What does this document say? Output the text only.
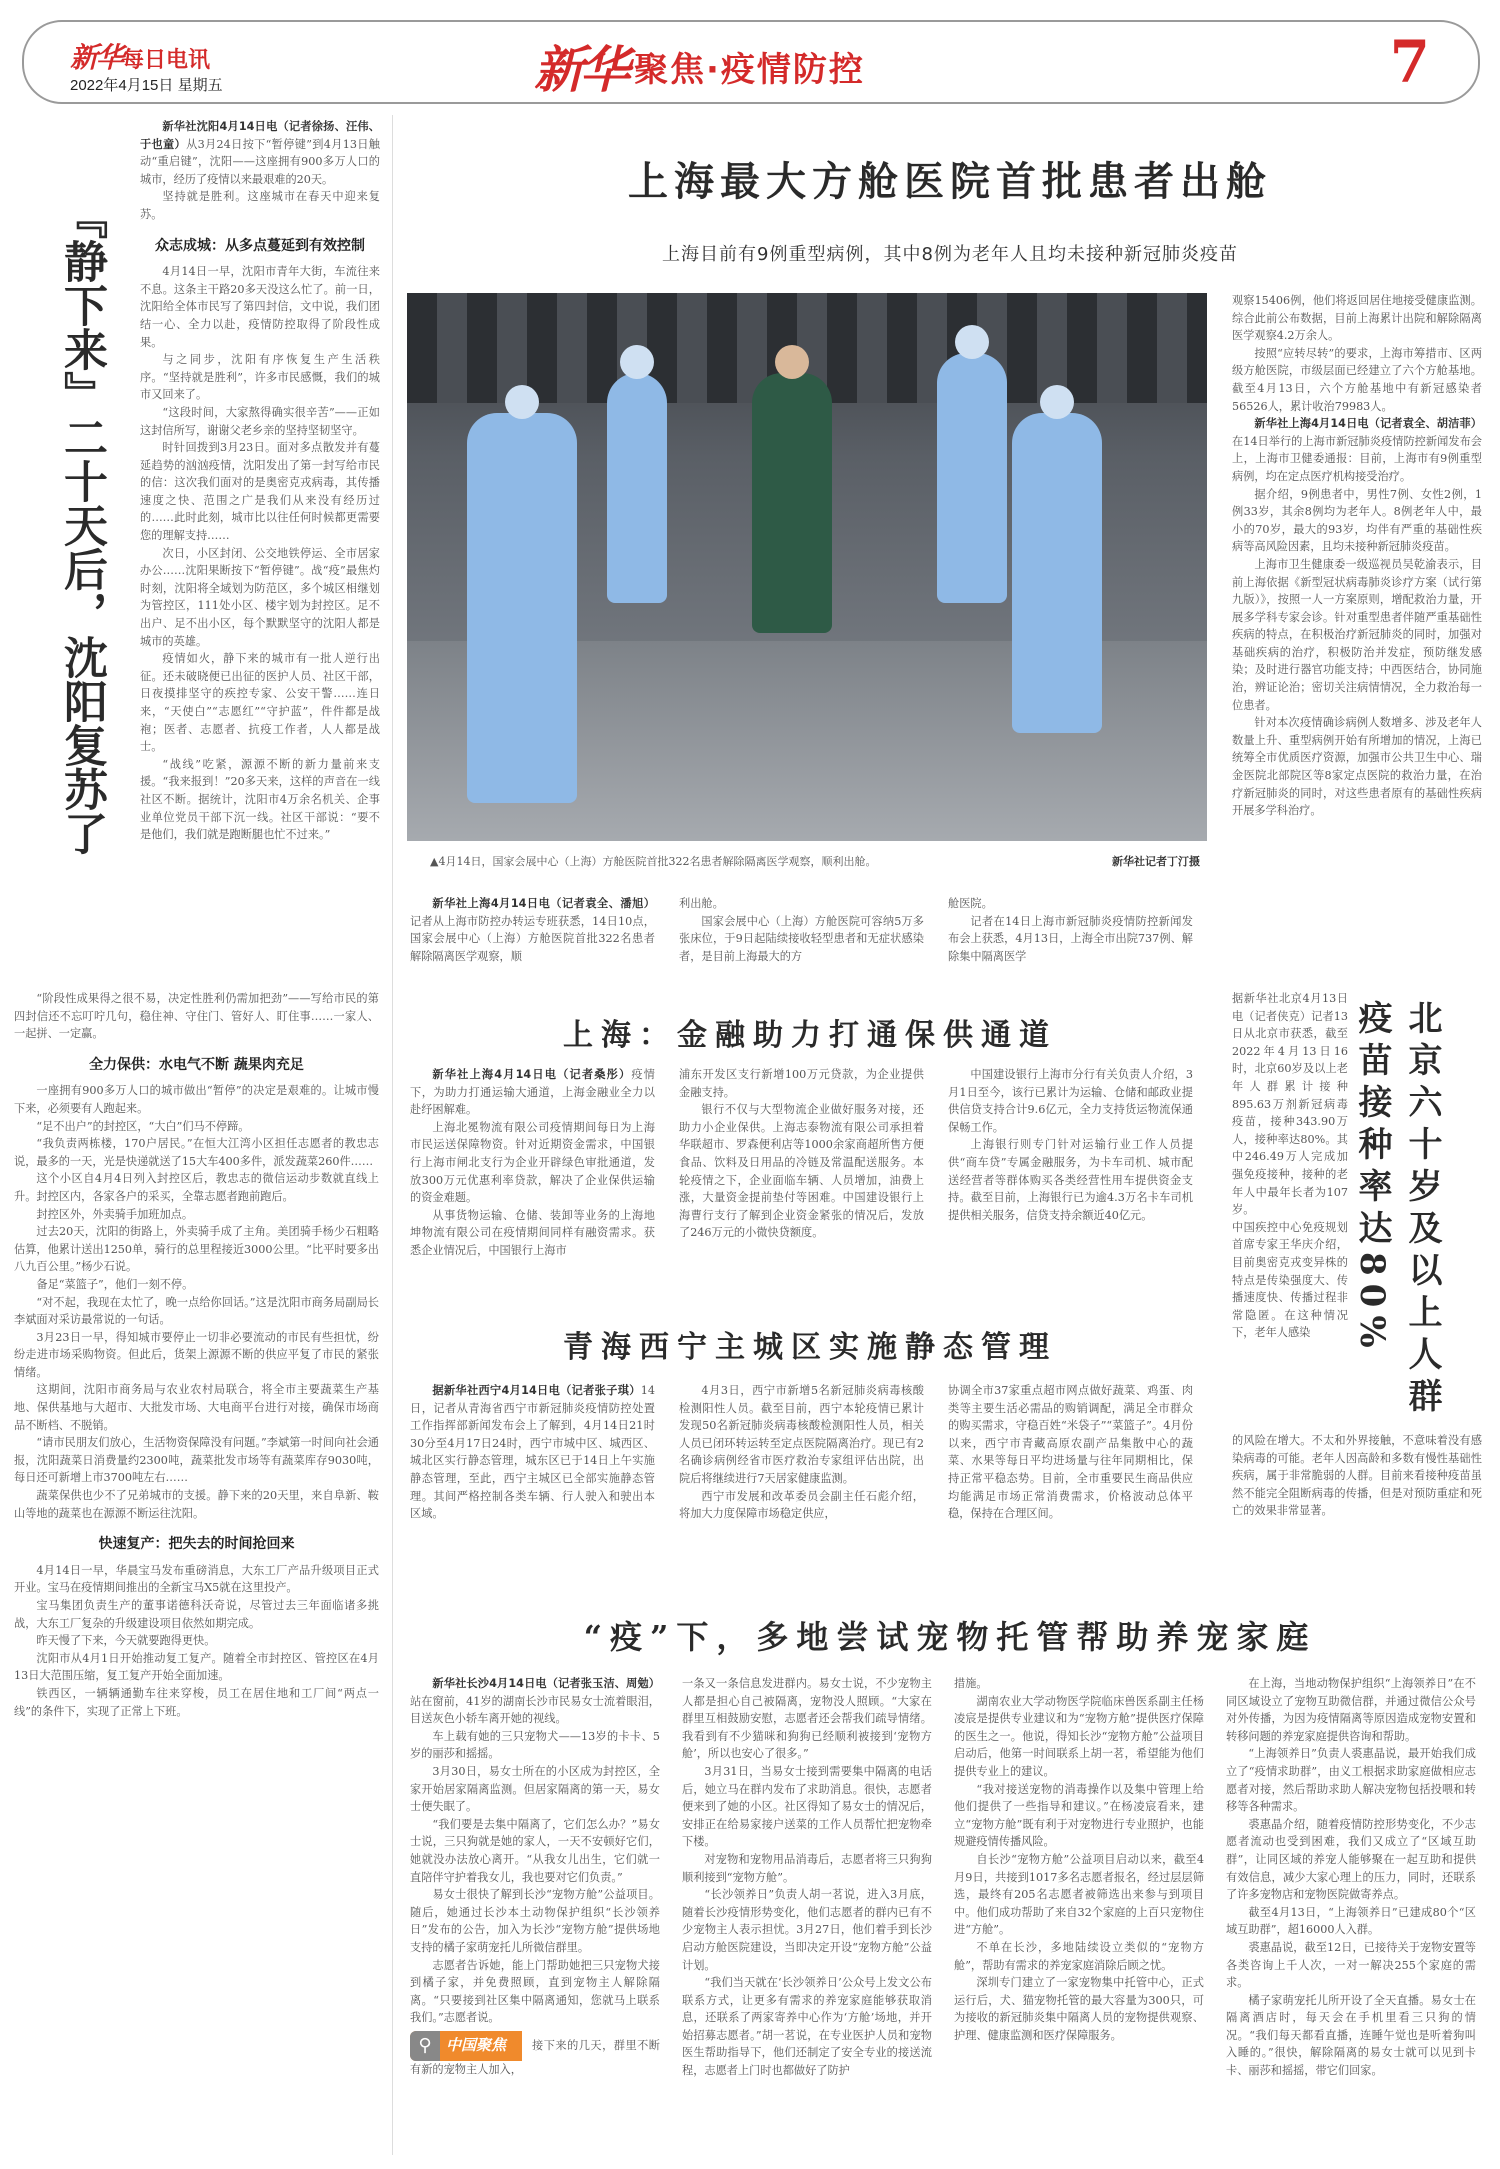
新华每日电讯
2022年4月15日 星期五	新华 聚焦·疫情防控	7
『静下来』二十天后，沈阳复苏了

新华社沈阳4月14日电（记者徐扬、汪伟、于也童）从3月24日按下“暂停键”到4月13日触动“重启键”，沈阳——这座拥有900多万人口的城市，经历了疫情以来最艰难的20天。

坚持就是胜利。这座城市在春天中迎来复苏。

众志成城：从多点蔓延到有效控制

4月14日一早，沈阳市青年大街，车流往来不息。这条主干路20多天没这么忙了。前一日，沈阳给全体市民写了第四封信，文中说，我们团结一心、全力以赴，疫情防控取得了阶段性成果。

与之同步，沈阳有序恢复生产生活秩序。“坚持就是胜利”，许多市民感慨，我们的城市又回来了。

“这段时间，大家熬得确实很辛苦”——正如这封信所写，谢谢父老乡亲的坚持坚韧坚守。

时针回拨到3月23日。面对多点散发并有蔓延趋势的汹汹疫情，沈阳发出了第一封写给市民的信：这次我们面对的是奥密克戎病毒，其传播速度之快、范围之广是我们从来没有经历过的……此时此刻，城市比以往任何时候都更需要您的理解支持……

次日，小区封闭、公交地铁停运、全市居家办公……沈阳果断按下“暂停键”。战“疫”最焦灼时刻，沈阳将全域划为防范区，多个城区相继划为管控区，111处小区、楼宇划为封控区。足不出户、足不出小区，每个默默坚守的沈阳人都是城市的英雄。

疫情如火，静下来的城市有一批人逆行出征。还未破晓便已出征的医护人员、社区干部，日夜摸排坚守的疾控专家、公安干警……连日来，“天使白”“志愿红”“守护蓝”，件件都是战袍；医者、志愿者、抗疫工作者，人人都是战士。

“战线”吃紧，源源不断的新力量前来支援。“我来报到！”20多天来，这样的声音在一线社区不断。据统计，沈阳市4万余名机关、企事业单位党员干部下沉一线。社区干部说：“要不是他们，我们就是跑断腿也忙不过来。”

“阶段性成果得之很不易，决定性胜利仍需加把劲”——写给市民的第四封信还不忘叮咛几句，稳住神、守住门、管好人、盯住事……一家人、一起拼、一定赢。

全力保供：水电气不断 蔬果肉充足

一座拥有900多万人口的城市做出“暂停”的决定是艰难的。让城市慢下来，必须要有人跑起来。

“足不出户”的封控区，“大白”们马不停蹄。

“我负责两栋楼，170户居民。”在恒大江湾小区担任志愿者的教忠志说，最多的一天，光是快递就送了15大车400多件，派发蔬菜260件……

这个小区自4月4日列入封控区后，教忠志的微信运动步数就直线上升。封控区内，各家各户的采买，全靠志愿者跑前跑后。

封控区外，外卖骑手加班加点。

过去20天，沈阳的街路上，外卖骑手成了主角。美团骑手杨少石粗略估算，他累计送出1250单，骑行的总里程接近3000公里。“比平时要多出八九百公里。”杨少石说。

备足“菜篮子”，他们一刻不停。

“对不起，我现在太忙了，晚一点给你回话。”这是沈阳市商务局副局长李斌面对采访最常说的一句话。

3月23日一早，得知城市要停止一切非必要流动的市民有些担忧，纷纷走进市场采购物资。但此后，货架上源源不断的供应平复了市民的紧张情绪。

这期间，沈阳市商务局与农业农村局联合，将全市主要蔬菜生产基地、保供基地与大超市、大批发市场、大电商平台进行对接，确保市场商品不断档、不脱销。

“请市民朋友们放心，生活物资保障没有问题。”李斌第一时间向社会通报，沈阳蔬菜日消费量约2300吨，蔬菜批发市场等有蔬菜库存9030吨，每日还可新增上市3700吨左右……

蔬菜保供也少不了兄弟城市的支援。静下来的20天里，来自阜新、鞍山等地的蔬菜也在源源不断运往沈阳。

快速复产：把失去的时间抢回来

4月14日一早，华晨宝马发布重磅消息，大东工厂产品升级项目正式开业。宝马在疫情期间推出的全新宝马X5就在这里投产。

宝马集团负责生产的董事诺德科沃奇说，尽管过去三年面临诸多挑战，大东工厂复杂的升级建设项目依然如期完成。

昨天慢了下来，今天就要跑得更快。

沈阳市从4月1日开始推动复工复产。随着全市封控区、管控区在4月13日大范围压缩，复工复产开始全面加速。

铁西区，一辆辆通勤车往来穿梭，员工在居住地和工厂间“两点一线”的条件下，实现了正常上下班。

上海最大方舱医院首批患者出舱
上海目前有9例重型病例，其中8例为老年人且均未接种新冠肺炎疫苗
▲4月14日，国家会展中心（上海）方舱医院首批322名患者解除隔离医学观察，顺利出舱。	新华社记者丁汀摄

新华社上海4月14日电（记者袁全、潘旭）记者从上海市防控办转运专班获悉，14日10点，国家会展中心（上海）方舱医院首批322名患者解除隔离医学观察，顺

利出舱。

国家会展中心（上海）方舱医院可容纳5万多张床位，于9日起陆续接收轻型患者和无症状感染者，是目前上海最大的方

舱医院。

记者在14日上海市新冠肺炎疫情防控新闻发布会上获悉，4月13日，上海全市出院737例、解除集中隔离医学

观察15406例，他们将返回居住地接受健康监测。综合此前公布数据，目前上海累计出院和解除隔离医学观察4.2万余人。

按照“应转尽转”的要求，上海市筹措市、区两级方舱医院，市级层面已经建立了六个方舱基地。截至4月13日，六个方舱基地中有新冠感染者56526人，累计收治79983人。

新华社上海4月14日电（记者袁全、胡洁菲）在14日举行的上海市新冠肺炎疫情防控新闻发布会上，上海市卫健委通报：目前，上海市有9例重型病例，均在定点医疗机构接受治疗。

据介绍，9例患者中，男性7例、女性2例，1例33岁，其余8例均为老年人。8例老年人中，最小的70岁，最大的93岁，均伴有严重的基础性疾病等高风险因素，且均未接种新冠肺炎疫苗。

上海市卫生健康委一级巡视员吴乾渝表示，目前上海依据《新型冠状病毒肺炎诊疗方案（试行第九版）》，按照一人一方案原则，增配救治力量，开展多学科专家会诊。针对重型患者伴随严重基础性疾病的特点，在积极治疗新冠肺炎的同时，加强对基础疾病的治疗，积极防治并发症，预防继发感染；及时进行器官功能支持；中西医结合，协同施治，辨证论治；密切关注病情情况，全力救治每一位患者。

针对本次疫情确诊病例人数增多、涉及老年人数量上升、重型病例开始有所增加的情况，上海已统筹全市优质医疗资源，加强市公共卫生中心、瑞金医院北部院区等8家定点医院的救治力量，在治疗新冠肺炎的同时，对这些患者原有的基础性疾病开展多学科治疗。

上海：金融助力打通保供通道

新华社上海4月14日电（记者桑彤）疫情下，为助力打通运输大通道，上海金融业全力以赴纾困解难。

上海北冕物流有限公司疫情期间每日为上海市民运送保障物资。针对近期资金需求，中国银行上海市闸北支行为企业开辟绿色审批通道，发放300万元优惠利率贷款，解决了企业保供运输的资金难题。

从事货物运输、仓储、装卸等业务的上海地坤物流有限公司在疫情期间同样有融资需求。获悉企业情况后，中国银行上海市

浦东开发区支行新增100万元贷款，为企业提供金融支持。

银行不仅与大型物流企业做好服务对接，还助力小企业保供。上海志泰物流有限公司承担着华联超市、罗森便利店等1000余家商超所售方便食品、饮料及日用品的冷链及常温配送服务。本轮疫情之下，企业面临车辆、人员增加，油费上涨，大量资金提前垫付等困难。中国建设银行上海曹行支行了解到企业资金紧张的情况后，发放了246万元的小微快贷额度。

中国建设银行上海市分行有关负责人介绍，3月1日至今，该行已累计为运输、仓储和邮政业提供信贷支持合计9.6亿元，全力支持货运物流保通保畅工作。

上海银行则专门针对运输行业工作人员提供“商车贷”专属金融服务，为卡车司机、城市配送经营者等群体购买各类经营性用车提供资金支持。截至目前，上海银行已为逾4.3万名卡车司机提供相关服务，信贷支持余额近40亿元。

据新华社北京4月13日电（记者侠克）记者13日从北京市获悉，截至2022年4月13日16时，北京60岁及以上老年人群累计接种895.63万剂新冠病毒疫苗，接种343.90万人，接种率达80%。其中246.49万人完成加强免疫接种，接种的老年人中最年长者为107岁。

中国疾控中心免疫规划首席专家王华庆介绍，目前奥密克戎变异株的特点是传染强度大、传播速度快、传播过程非常隐匿。在这种情况下，老年人感染	北京六十岁及以上人群
疫苗接种率达80%
的风险在增大。不太和外界接触，不意味着没有感染病毒的可能。老年人因高龄和多数有慢性基础性疾病，属于非常脆弱的人群。目前来看接种疫苗虽然不能完全阻断病毒的传播，但是对预防重症和死亡的效果非常显著。
青海西宁主城区实施静态管理

据新华社西宁4月14日电（记者张子琪）14日，记者从青海省西宁市新冠肺炎疫情防控处置工作指挥部新闻发布会上了解到，4月14日21时30分至4月17日24时，西宁市城中区、城西区、城北区实行静态管理，城东区已于14日上午实施静态管理，至此，西宁主城区已全部实施静态管理。其间严格控制各类车辆、行人驶入和驶出本区域。

4月3日，西宁市新增5名新冠肺炎病毒核酸检测阳性人员。截至目前，西宁本轮疫情已累计发现50名新冠肺炎病毒核酸检测阳性人员，相关人员已闭环转运转至定点医院隔离治疗。现已有2名确诊病例经省市医疗救治专家组评估出院，出院后将继续进行7天居家健康监测。

西宁市发展和改革委员会副主任石彪介绍，将加大力度保障市场稳定供应，

协调全市37家重点超市网点做好蔬菜、鸡蛋、肉类等主要生活必需品的购销调配，满足全市群众的购买需求，守稳百姓“米袋子”“菜篮子”。4月份以来，西宁市青藏高原农副产品集散中心的蔬菜、水果等每日平均进场量与往年同期相比，保持正常平稳态势。目前，全市重要民生商品供应均能满足市场正常消费需求，价格波动总体平稳，保持在合理区间。
“疫”下，多地尝试宠物托管帮助养宠家庭

新华社长沙4月14日电（记者张玉洁、周勉）站在窗前，41岁的湖南长沙市民易女士流着眼泪，目送灰色小轿车离开她的视线。

车上载有她的三只宠物犬——13岁的卡卡、5岁的丽莎和摇摇。

3月30日，易女士所在的小区成为封控区，全家开始居家隔离监测。但居家隔离的第一天，易女士便失眠了。

“我们要是去集中隔离了，它们怎么办？”易女士说，三只狗就是她的家人，一天不安顿好它们，她就没办法放心离开。“从我女儿出生，它们就一直陪伴守护着我女儿，我也要对它们负责。”

易女士很快了解到长沙“宠物方舱”公益项目。随后，她通过长沙本土动物保护组织“长沙领养日”发布的公告，加入为长沙“宠物方舱”提供场地支持的橘子家萌宠托儿所微信群里。

志愿者告诉她，能上门帮助她把三只宠物犬接到橘子家，并免费照顾，直到宠物主人解除隔离。“只要接到社区集中隔离通知，您就马上联系我们。”志愿者说。

⚲ 中国聚焦 接下来的几天，群里不断有新的宠物主人加入，
一条又一条信息发进群内。易女士说，不少宠物主人都是担心自己被隔离，宠物没人照顾。“大家在群里互相鼓励安慰，志愿者还会帮我们疏导情绪。我看到有不少猫咪和狗狗已经顺利被接到‘宠物方舱’，所以也安心了很多。”

3月31日，当易女士接到需要集中隔离的电话后，她立马在群内发布了求助消息。很快，志愿者便来到了她的小区。社区得知了易女士的情况后，安排正在给易家接户送菜的工作人员帮忙把宠物牵下楼。

对宠物和宠物用品消毒后，志愿者将三只狗狗顺利接到“宠物方舱”。

“长沙领养日”负责人胡一茗说，进入3月底，随着长沙疫情形势变化，他们志愿者的群内已有不少宠物主人表示担忧。3月27日，他们着手到长沙启动方舱医院建设，当即决定开设“宠物方舱”公益计划。

“我们当天就在‘长沙领养日’公众号上发文公布联系方式，让更多有需求的养宠家庭能够获取消息，还联系了两家寄养中心作为‘方舱’场地，并开始招募志愿者。”胡一茗说，在专业医护人员和宠物医生帮助指导下，他们还制定了安全专业的接送流程，志愿者上门时也都做好了防护

措施。

湖南农业大学动物医学院临床兽医系副主任杨凌宸是提供专业建议和为“宠物方舱”提供医疗保障的医生之一。他说，得知长沙“宠物方舱”公益项目启动后，他第一时间联系上胡一茗，希望能为他们提供专业上的建议。

“我对接送宠物的消毒操作以及集中管理上给他们提供了一些指导和建议。”在杨凌宸看来，建立“宠物方舱”既有利于对宠物进行专业照护，也能规避疫情传播风险。

自长沙“宠物方舱”公益项目启动以来，截至4月9日，共接到1017多名志愿者报名，经过层层筛选，最终有205名志愿者被筛选出来参与到项目中。他们成功帮助了来自32个家庭的上百只宠物住进“方舱”。

不单在长沙，多地陆续设立类似的“宠物方舱”，帮助有需求的养宠家庭消除后顾之忧。

深圳专门建立了一家宠物集中托管中心，正式运行后，犬、猫宠物托管的最大容量为300只，可为接收的新冠肺炎集中隔离人员的宠物提供观察、护理、健康监测和医疗保障服务。

在上海，当地动物保护组织“上海领养日”在不同区域设立了宠物互助微信群，并通过微信公众号对外传播，为因为疫情隔离等原因造成宠物安置和转移问题的养宠家庭提供咨询和帮助。

“上海领养日”负责人裘惠晶说，最开始我们成立了“疫情求助群”，由义工根据求助家庭做相应志愿者对接，然后帮助求助人解决宠物包括投喂和转移等各种需求。

裘惠晶介绍，随着疫情防控形势变化，不少志愿者流动也受到困难，我们又成立了“区域互助群”，让同区域的养宠人能够聚在一起互助和提供有效信息，减少大家心理上的压力，同时，还联系了许多宠物店和宠物医院做寄养点。

截至4月13日，“上海领养日”已建成80个“区域互助群”，超16000人入群。

裘惠晶说，截至12日，已接待关于宠物安置等各类咨询上千人次，一对一解决255个家庭的需求。

橘子家萌宠托儿所开设了全天直播。易女士在隔离酒店时，每天会在手机里看三只狗的情况。“我们每天都看直播，连睡午觉也是听着狗叫入睡的。”很快，解除隔离的易女士就可以见到卡卡、丽莎和摇摇，带它们回家。
